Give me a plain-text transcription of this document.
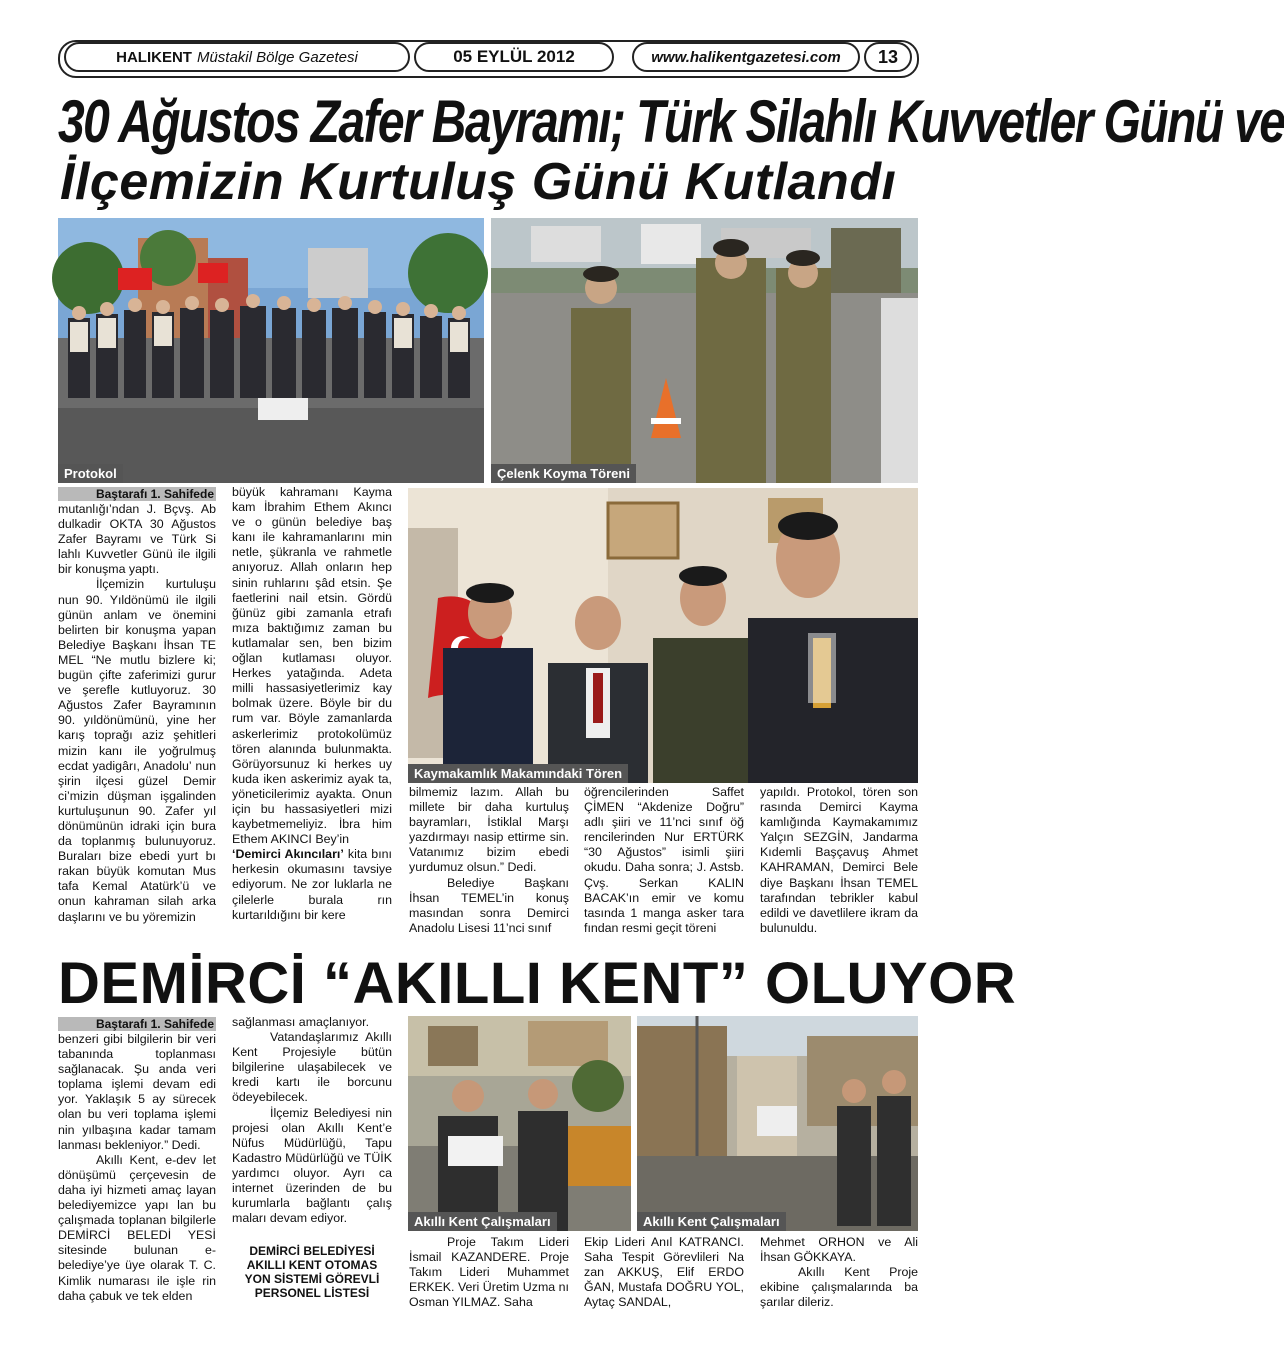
HALIKENT Müstakil Bölge Gazetesi	05 EYLÜL 2012	www.halikentgazetesi.com	13
30 Ağustos Zafer Bayramı; Türk Silahlı Kuvvetler Günü ve
İlçemizin Kurtuluş Günü Kutlandı
Protokol	Çelenk Koyma Töreni
Kaymakamlık Makamındaki Tören
Baştarafı 1. Sahifede

mutanlığı’ndan J. Bçvş. Ab dulkadir OKTA 30 Ağustos Zafer Bayramı ve Türk Si lahlı Kuvvetler Günü ile ilgili bir konuşma yaptı.

İlçemizin kurtuluşu nun 90. Yıldönümü ile ilgili günün anlam ve önemini belirten bir konuşma yapan Belediye Başkanı İhsan TE MEL “Ne mutlu bizlere ki; bugün çifte zaferimizi gurur ve şerefle kutluyoruz. 30 Ağustos Zafer Bayramının 90. yıldönümünü, yine her karış toprağı aziz şehitleri mizin kanı ile yoğrulmuş ecdat yadigârı, Anadolu’ nun şirin ilçesi güzel Demir ci’mizin düşman işgalinden kurtuluşunun 90. Zafer yıl dönümünün idraki için bura da toplanmış bulunuyoruz. Buraları bize ebedi yurt bı rakan büyük komutan Mus tafa Kemal Atatürk’ü ve onun kahraman silah arka daşlarını ve bu yöremizin

büyük kahramanı Kayma kam İbrahim Ethem Akıncı ve o günün belediye baş kanı ile kahramanlarını min netle, şükranla ve rahmetle anıyoruz. Allah onların hep sinin ruhlarını şâd etsin. Şe faetlerini nail etsin. Gördü ğünüz gibi zamanla etrafı mıza baktığımız zaman bu kutlamalar sen, ben bizim oğlan kutlaması oluyor. Herkes yatağında. Adeta milli hassasiyetlerimiz kay bolmak üzere. Böyle bir du rum var. Böyle zamanlarda askerlerimiz protokolümüz tören alanında bulunmakta. Görüyorsunuz ki herkes uy kuda iken askerimiz ayak ta, yöneticilerimiz ayakta. Onun için bu hassasiyetleri mizi kaybetmemeliyiz. İbra him Ethem AKINCI Bey’in

‘Demirci Akıncıları’ kita bını herkesin okumasını tavsiye ediyorum. Ne zor luklarla ne çilelerle burala rın kurtarıldığını bir kere

bilmemiz lazım. Allah bu millete bir daha kurtuluş bayramları, İstiklal Marşı yazdırmayı nasip ettirme sin. Vatanımız bizim ebedi yurdumuz olsun.” Dedi.

Belediye Başkanı İhsan TEMEL’in konuş masından sonra Demirci Anadolu Lisesi 11’nci sınıf

öğrencilerinden Saffet ÇİMEN “Akdenize Doğru” adlı şiiri ve 11’nci sınıf öğ rencilerinden Nur ERTÜRK “30 Ağustos” isimli şiiri okudu. Daha sonra; J. Astsb. Çvş. Serkan KALIN BACAK’ın emir ve komu tasında 1 manga asker tara fından resmi geçit töreni

yapıldı. Protokol, tören son rasında Demirci Kayma kamlığında Kaymakamımız Yalçın SEZGİN, Jandarma Kıdemli Başçavuş Ahmet KAHRAMAN, Demirci Bele diye Başkanı İhsan TEMEL tarafından tebrikler kabul edildi ve davetlilere ikram da bulunuldu.

DEMİRCİ “AKILLI KENT” OLUYOR
Baştarafı 1. Sahifede

benzeri gibi bilgilerin bir veri tabanında toplanması sağlanacak. Şu anda veri toplama işlemi devam edi yor. Yaklaşık 5 ay sürecek olan bu veri toplama işlemi nin yılbaşına kadar tamam lanması bekleniyor.” Dedi.

Akıllı Kent, e-dev let dönüşümü çerçevesin de daha iyi hizmeti amaç layan belediyemizce yapı lan bu çalışmada toplanan bilgilerle DEMİRCİ BELEDİ YESİ sitesinde bulunan e-belediye’ye üye olarak T. C. Kimlik numarası ile işle rin daha çabuk ve tek elden

sağlanması amaçlanıyor.

Vatandaşlarımız Akıllı Kent Projesiyle bütün bilgilerine ulaşabilecek ve kredi kartı ile borcunu ödeyebilecek.

İlçemiz Belediyesi nin projesi olan Akıllı Kent’e Nüfus Müdürlüğü, Tapu Kadastro Müdürlüğü ve TÜİK yardımcı oluyor. Ayrı ca internet üzerinden de bu kurumlarla bağlantı çalış maları devam ediyor.

DEMİRCİ BELEDİYESİ
AKILLI KENT OTOMAS
YON SİSTEMİ GÖREVLİ
PERSONEL LİSTESİ
Akıllı Kent Çalışmaları	Akıllı Kent Çalışmaları

Proje Takım Lideri İsmail KAZANDERE. Proje Takım Lideri Muhammet ERKEK. Veri Üretim Uzma nı Osman YILMAZ. Saha

Ekip Lideri Anıl KATRANCI. Saha Tespit Görevlileri Na zan AKKUŞ, Elif ERDO ĞAN, Mustafa DOĞRU YOL, Aytaç SANDAL,

Mehmet ORHON ve Ali İhsan GÖKKAYA.

Akıllı Kent Proje ekibine çalışmalarında ba şarılar dileriz.
